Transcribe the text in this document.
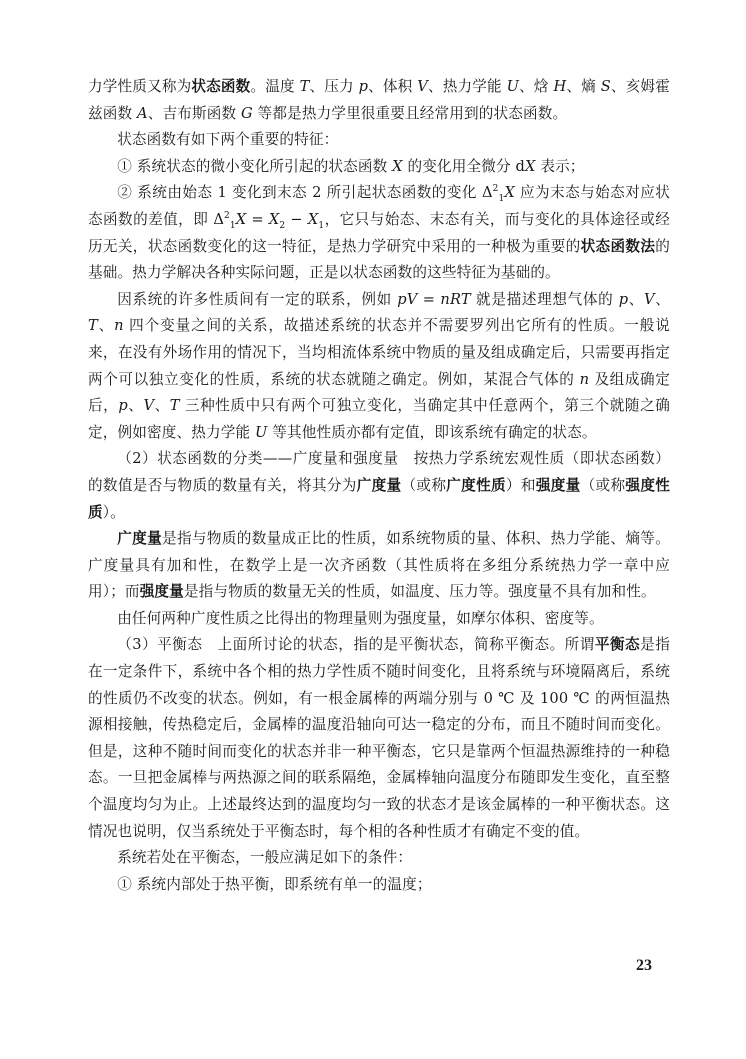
力学性质又称为状态函数。温度 T、压力 p、体积 V、热力学能 U、焓 H、熵 S、亥姆霍兹函数 A、吉布斯函数 G 等都是热力学里很重要且经常用到的状态函数。

状态函数有如下两个重要的特征：

① 系统状态的微小变化所引起的状态函数 X 的变化用全微分 dX 表示；

② 系统由始态 1 变化到末态 2 所引起状态函数的变化 $\Delta^2_1X$ 应为末态与始态对应状态函数的差值，即 $\Delta^2_1X = X_2 - X_1$，它只与始态、末态有关，而与变化的具体途径或经历无关，状态函数变化的这一特征，是热力学研究中采用的一种极为重要的状态函数法的基础。热力学解决各种实际问题，正是以状态函数的这些特征为基础的。

因系统的许多性质间有一定的联系，例如 pV = nRT 就是描述理想气体的 p、V、T、n 四个变量之间的关系，故描述系统的状态并不需要罗列出它所有的性质。一般说来，在没有外场作用的情况下，当均相流体系统中物质的量及组成确定后，只需要再指定两个可以独立变化的性质，系统的状态就随之确定。例如，某混合气体的 n 及组成确定后，p、V、T 三种性质中只有两个可独立变化，当确定其中任意两个，第三个就随之确定，例如密度、热力学能 U 等其他性质亦都有定值，即该系统有确定的状态。

（2）状态函数的分类——广度量和强度量　按热力学系统宏观性质（即状态函数）的数值是否与物质的数量有关，将其分为广度量（或称广度性质）和强度量（或称强度性质）。

广度量是指与物质的数量成正比的性质，如系统物质的量、体积、热力学能、熵等。广度量具有加和性，在数学上是一次齐函数（其性质将在多组分系统热力学一章中应用）；而强度量是指与物质的数量无关的性质，如温度、压力等。强度量不具有加和性。

由任何两种广度性质之比得出的物理量则为强度量，如摩尔体积、密度等。

（3）平衡态　上面所讨论的状态，指的是平衡状态，简称平衡态。所谓平衡态是指在一定条件下，系统中各个相的热力学性质不随时间变化，且将系统与环境隔离后，系统的性质仍不改变的状态。例如，有一根金属棒的两端分别与 0 ℃ 及 100 ℃ 的两恒温热源相接触，传热稳定后，金属棒的温度沿轴向可达一稳定的分布，而且不随时间而变化。但是，这种不随时间而变化的状态并非一种平衡态，它只是靠两个恒温热源维持的一种稳态。一旦把金属棒与两热源之间的联系隔绝，金属棒轴向温度分布随即发生变化，直至整个温度均匀为止。上述最终达到的温度均匀一致的状态才是该金属棒的一种平衡状态。这情况也说明，仅当系统处于平衡态时，每个相的各种性质才有确定不变的值。

系统若处在平衡态，一般应满足如下的条件：

① 系统内部处于热平衡，即系统有单一的温度；

23
